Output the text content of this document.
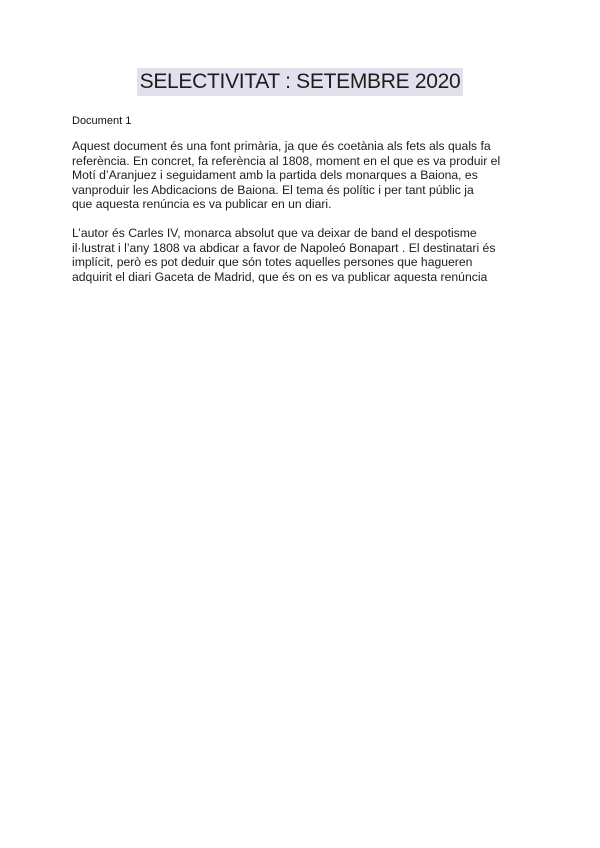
SELECTIVITAT : SETEMBRE 2020
Document 1

Aquest document és una font primària, ja que és coetània als fets als quals fa
referència. En concret, fa referència al 1808, moment en el que es va produir el
Motí d’Aranjuez i seguidament amb la partida dels monarques a Baiona, es
vanproduir les Abdicacions de Baiona. El tema és polític i per tant públic ja
que aquesta renúncia es va publicar en un diari.

L’autor és Carles IV, monarca absolut que va deixar de band el despotisme
il·lustrat i l’any 1808 va abdicar a favor de Napoleó Bonapart . El destinatari és
implícit, però es pot deduir que són totes aquelles persones que hagueren
adquirit el diari Gaceta de Madrid, que és on es va publicar aquesta renúncia
